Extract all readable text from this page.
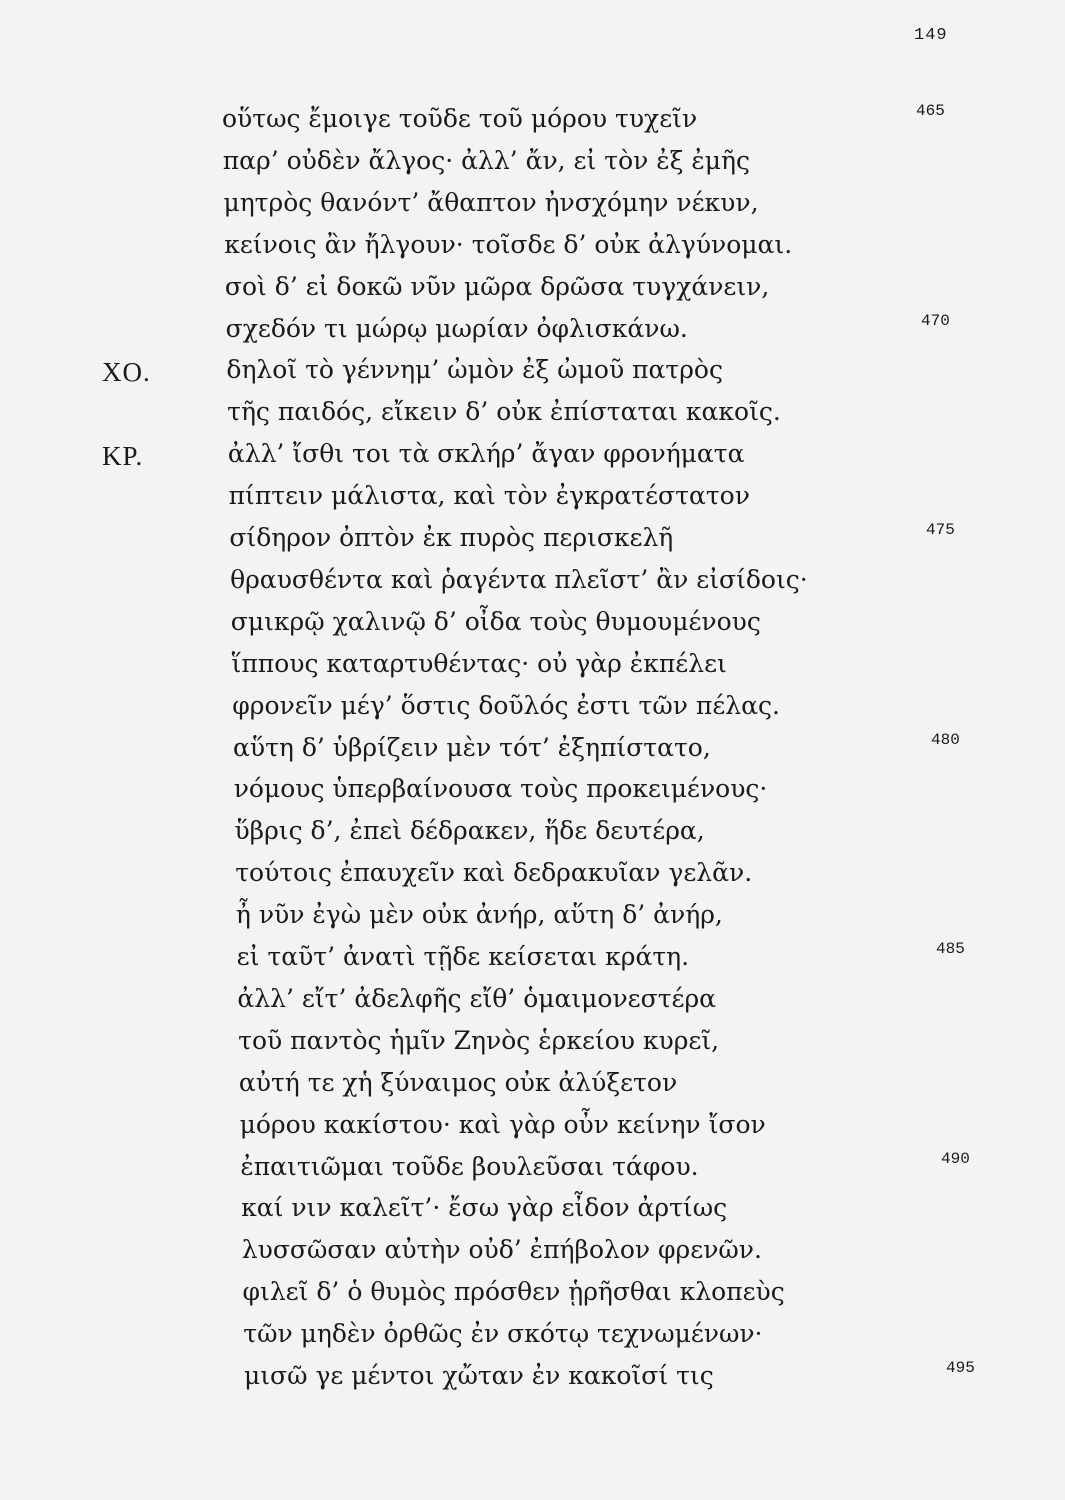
149
οὕτως ἔμοιγε τοῦδε τοῦ μόρου τυχεῖν	465
παρ’ οὐδὲν ἄλγος· ἀλλ’ ἄν, εἰ τὸν ἐξ ἐμῆς
μητρὸς θανόντ’ ἄθαπτον ἠνσχόμην νέκυν,
κείνοις ἂν ἤλγουν· τοῖσδε δ’ οὐκ ἀλγύνομαι.
σοὶ δ’ εἰ δοκῶ νῦν μῶρα δρῶσα τυγχάνειν,
σχεδόν τι μώρῳ μωρίαν ὀφλισκάνω.	470
ΧΟ.	δηλοῖ τὸ γέννημ’ ὠμὸν ἐξ ὠμοῦ πατρὸς
τῆς παιδός, εἴκειν δ’ οὐκ ἐπίσταται κακοῖς.
ΚΡ.	ἀλλ’ ἴσθι τοι τὰ σκλήρ’ ἄγαν φρονήματα
πίπτειν μάλιστα, καὶ τὸν ἐγκρατέστατον
σίδηρον ὀπτὸν ἐκ πυρὸς περισκελῆ	475
θραυσθέντα καὶ ῥαγέντα πλεῖστ’ ἂν εἰσίδοις·
σμικρῷ χαλινῷ δ’ οἶδα τοὺς θυμουμένους
ἵππους καταρτυθέντας· οὐ γὰρ ἐκπέλει
φρονεῖν μέγ’ ὅστις δοῦλός ἐστι τῶν πέλας.
αὕτη δ’ ὑβρίζειν μὲν τότ’ ἐξηπίστατο,	480
νόμους ὑπερβαίνουσα τοὺς προκειμένους·
ὕβρις δ’, ἐπεὶ δέδρακεν, ἥδε δευτέρα,
τούτοις ἐπαυχεῖν καὶ δεδρακυῖαν γελᾶν.
ἦ νῦν ἐγὼ μὲν οὐκ ἀνήρ, αὕτη δ’ ἀνήρ,
εἰ ταῦτ’ ἀνατὶ τῇδε κείσεται κράτη.	485
ἀλλ’ εἴτ’ ἀδελφῆς εἴθ’ ὁμαιμονεστέρα
τοῦ παντὸς ἡμῖν Ζηνὸς ἑρκείου κυρεῖ,
αὐτή τε χἡ ξύναιμος οὐκ ἀλύξετον
μόρου κακίστου· καὶ γὰρ οὖν κείνην ἴσον
ἐπαιτιῶμαι τοῦδε βουλεῦσαι τάφου.	490
καί νιν καλεῖτ’· ἔσω γὰρ εἶδον ἀρτίως
λυσσῶσαν αὐτὴν οὐδ’ ἐπήβολον φρενῶν.
φιλεῖ δ’ ὁ θυμὸς πρόσθεν ᾑρῆσθαι κλοπεὺς
τῶν μηδὲν ὀρθῶς ἐν σκότῳ τεχνωμένων·
μισῶ γε μέντοι χὤταν ἐν κακοῖσί τις	495
